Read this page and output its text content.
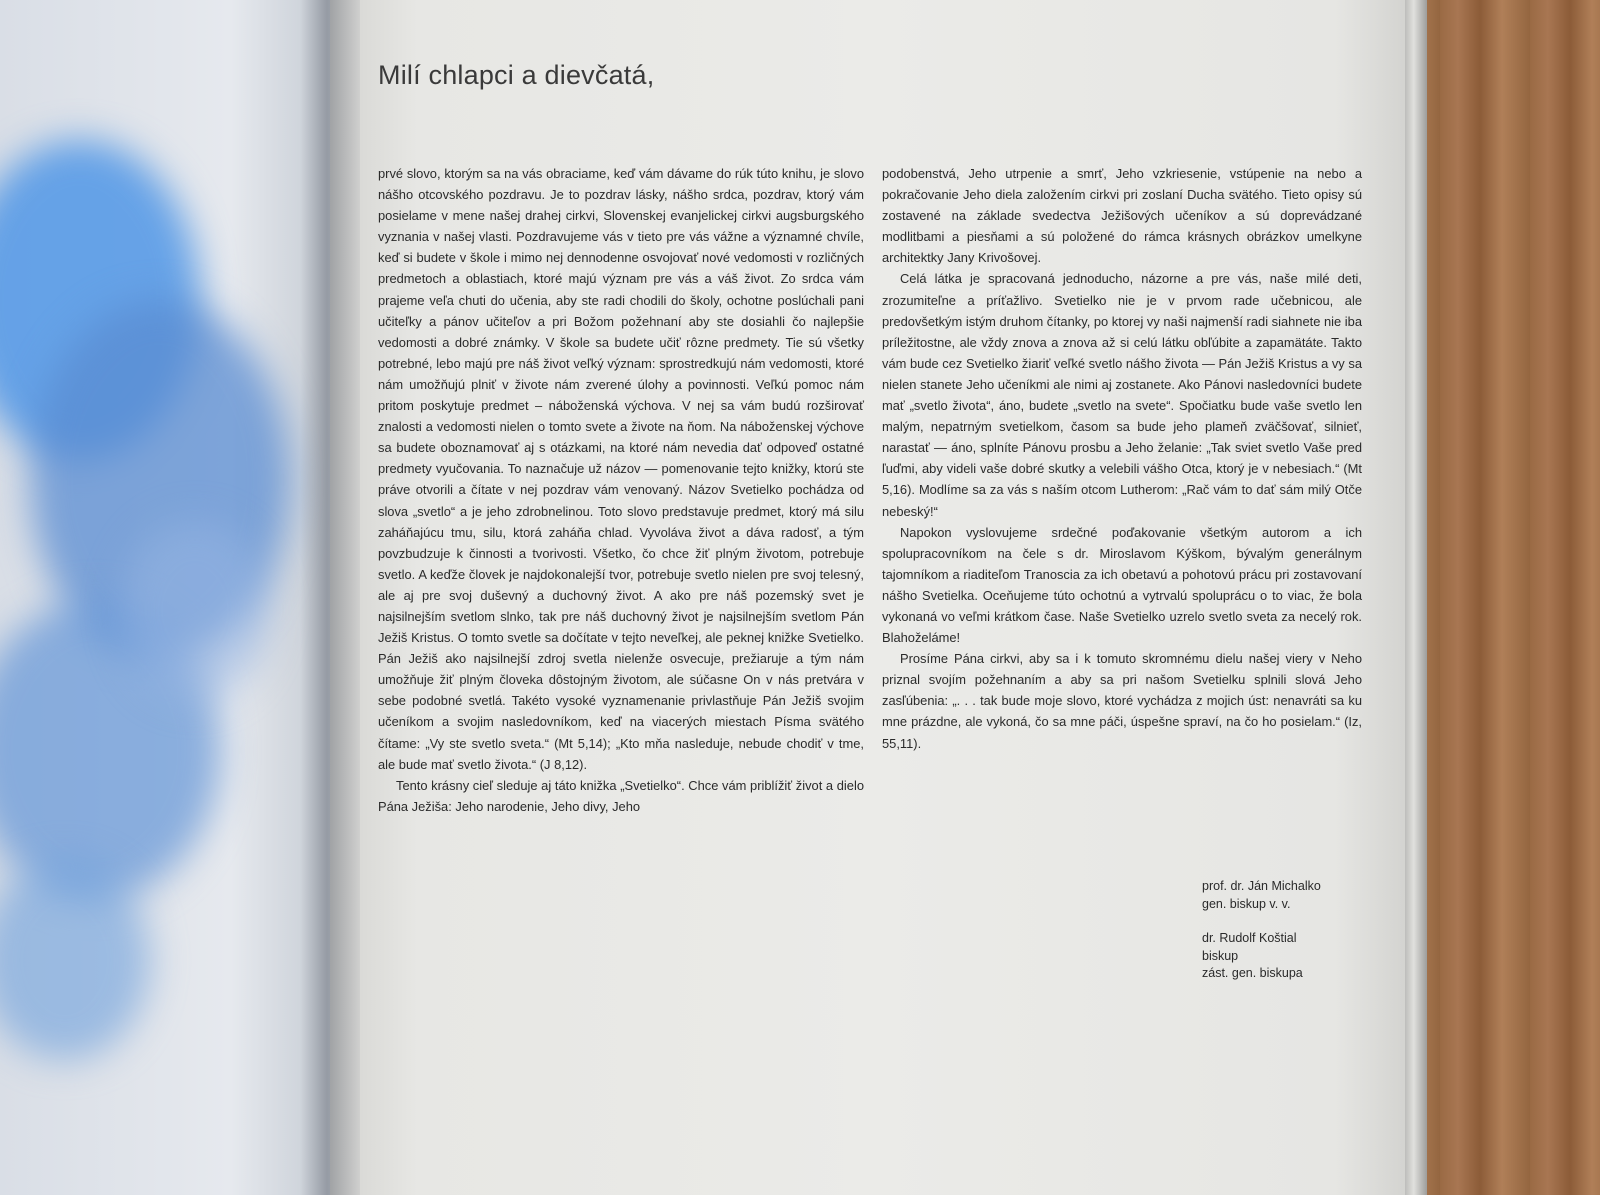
Milí chlapci a dievčatá,

prvé slovo, ktorým sa na vás obraciame, keď vám dávame do rúk túto knihu, je slovo nášho otcovského pozdravu. Je to pozdrav lásky, nášho srdca, pozdrav, ktorý vám posielame v mene našej drahej cirkvi, Slovenskej evanjelickej cirkvi augsburgského vyznania v našej vlasti. Pozdravujeme vás v tieto pre vás vážne a významné chvíle, keď si budete v škole i mimo nej dennodenne osvojovať nové vedomosti v rozličných predmetoch a oblastiach, ktoré majú význam pre vás a váš život. Zo srdca vám prajeme veľa chuti do učenia, aby ste radi chodili do školy, ochotne poslúchali pani učiteľky a pánov učiteľov a pri Božom požehnaní aby ste dosiahli čo najlepšie vedomosti a dobré známky. V škole sa budete učiť rôzne predmety. Tie sú všetky potrebné, lebo majú pre náš život veľký význam: sprostredkujú nám vedomosti, ktoré nám umožňujú plniť v živote nám zverené úlohy a povinnosti. Veľkú pomoc nám pritom poskytuje predmet – náboženská výchova. V nej sa vám budú rozširovať znalosti a vedomosti nielen o tomto svete a živote na ňom. Na náboženskej výchove sa budete oboznamovať aj s otázkami, na ktoré nám nevedia dať odpoveď ostatné predmety vyučovania. To naznačuje už názov — pomenovanie tejto knižky, ktorú ste práve otvorili a čítate v nej pozdrav vám venovaný. Názov Svetielko pochádza od slova „svetlo“ a je jeho zdrobnelinou. Toto slovo predstavuje predmet, ktorý má silu zaháňajúcu tmu, silu, ktorá zaháňa chlad. Vyvoláva život a dáva radosť, a tým povzbudzuje k činnosti a tvorivosti. Všetko, čo chce žiť plným životom, potrebuje svetlo. A keďže človek je najdokonalejší tvor, potrebuje svetlo nielen pre svoj telesný, ale aj pre svoj duševný a duchovný život. A ako pre náš pozemský svet je najsilnejším svetlom slnko, tak pre náš duchovný život je najsilnejším svetlom Pán Ježiš Kristus. O tomto svetle sa dočítate v tejto neveľkej, ale peknej knižke Svetielko. Pán Ježiš ako najsilnejší zdroj svetla nielenže osvecuje, prežiaruje a tým nám umožňuje žiť plným človeka dôstojným životom, ale súčasne On v nás pretvára v sebe podobné svetlá. Takéto vysoké vyznamenanie privlastňuje Pán Ježiš svojim učeníkom a svojim nasledovníkom, keď na viacerých miestach Písma svätého čítame: „Vy ste svetlo sveta.“ (Mt 5,14); „Kto mňa nasleduje, nebude chodiť v tme, ale bude mať svetlo života.“ (J 8,12).

Tento krásny cieľ sleduje aj táto knižka „Svetielko“. Chce vám priblížiť život a dielo Pána Ježiša: Jeho narodenie, Jeho divy, Jeho

podobenstvá, Jeho utrpenie a smrť, Jeho vzkriesenie, vstúpenie na nebo a pokračovanie Jeho diela založením cirkvi pri zoslaní Ducha svätého. Tieto opisy sú zostavené na základe svedectva Ježišových učeníkov a sú doprevádzané modlitbami a piesňami a sú položené do rámca krásnych obrázkov umelkyne architektky Jany Krivošovej.

Celá látka je spracovaná jednoducho, názorne a pre vás, naše milé deti, zrozumiteľne a príťažlivo. Svetielko nie je v prvom rade učebnicou, ale predovšetkým istým druhom čítanky, po ktorej vy naši najmenší radi siahnete nie iba príležitostne, ale vždy znova a znova až si celú látku obľúbite a zapamätáte. Takto vám bude cez Svetielko žiariť veľké svetlo nášho života — Pán Ježiš Kristus a vy sa nielen stanete Jeho učeníkmi ale nimi aj zostanete. Ako Pánovi nasledovníci budete mať „svetlo života“, áno, budete „svetlo na svete“. Spočiatku bude vaše svetlo len malým, nepatrným svetielkom, časom sa bude jeho plameň zväčšovať, silnieť, narastať — áno, splníte Pánovu prosbu a Jeho želanie: „Tak sviet svetlo Vaše pred ľuďmi, aby videli vaše dobré skutky a velebili vášho Otca, ktorý je v nebesiach.“ (Mt 5,16). Modlíme sa za vás s naším otcom Lutherom: „Rač vám to dať sám milý Otče nebeský!“

Napokon vyslovujeme srdečné poďakovanie všetkým autorom a ich spolupracovníkom na čele s dr. Miroslavom Kýškom, bývalým generálnym tajomníkom a riaditeľom Tranoscia za ich obetavú a pohotovú prácu pri zostavovaní nášho Svetielka. Oceňujeme túto ochotnú a vytrvalú spoluprácu o to viac, že bola vykonaná vo veľmi krátkom čase. Naše Svetielko uzrelo svetlo sveta za necelý rok. Blahoželáme!

Prosíme Pána cirkvi, aby sa i k tomuto skromnému dielu našej viery v Neho priznal svojím požehnaním a aby sa pri našom Svetielku splnili slová Jeho zasľúbenia: „. . . tak bude moje slovo, ktoré vychádza z mojich úst: nenavráti sa ku mne prázdne, ale vykoná, čo sa mne páči, úspešne spraví, na čo ho posielam.“ (Iz, 55,11).

prof. dr. Ján Michalko
gen. biskup v. v.
dr. Rudolf Koštial
biskup
zást. gen. biskupa
